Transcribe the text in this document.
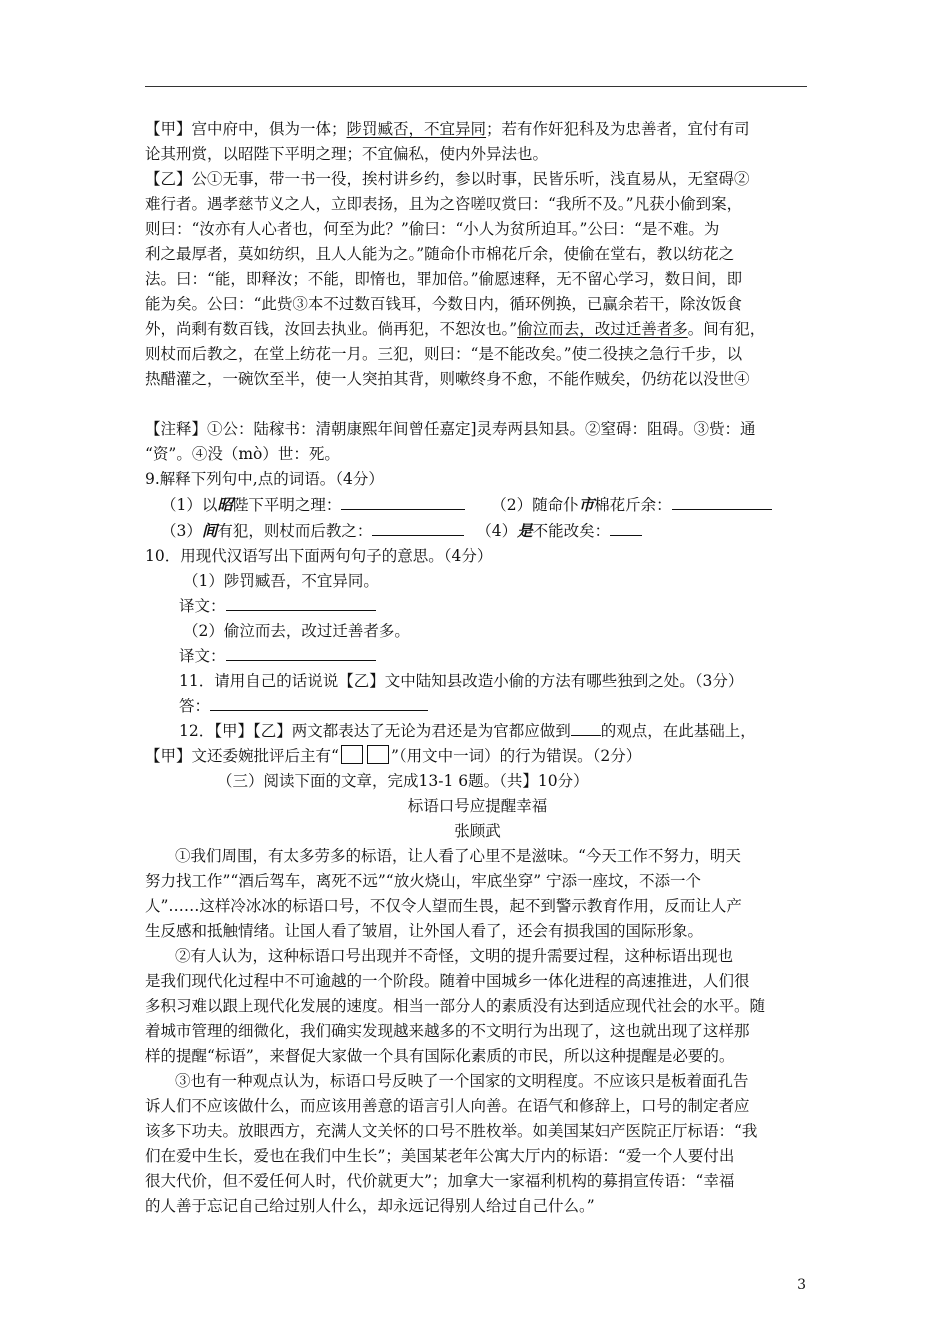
【甲】宫中府中，俱为一体；陟罚臧否，不宜异同；若有作奸犯科及为忠善者，宜付有司

论其刑赏，以昭陛下平明之理；不宜偏私，使内外异法也。

【乙】公①无事，带一书一役，挨村讲乡约，参以时事，民皆乐听，浅直易从，无窒碍②

难行者。遇孝慈节义之人，立即表扬，且为之咨嗟叹赏曰：“我所不及。”凡获小偷到案，

则曰：“汝亦有人心者也，何至为此？”偷曰：“小人为贫所迫耳。”公曰：“是不难。为

利之最厚者，莫如纺织，且人人能为之。”随命仆市棉花斤余，使偷在堂右，教以纺花之

法。曰：“能，即释汝；不能，即惰也，罪加倍。”偷愿速释，无不留心学习，数日间，即

能为矣。公曰：“此赀③本不过数百钱耳，今数日内，循环例换，已赢余若干，除汝饭食

外，尚剩有数百钱，汝回去执业。倘再犯，不恕汝也。”偷泣而去，改过迁善者多。间有犯，

则杖而后教之，在堂上纺花一月。三犯，则曰：“是不能改矣。”使二役挟之急行千步，以

热醋灌之，一碗饮至半，使一人突拍其背，则嗽终身不愈，不能作贼矣，仍纺花以没世④

【注释】①公：陆稼书：清朝康熙年间曾任嘉定]灵寿两县知县。②窒碍：阻碍。③赀：通

“资”。④没（mò）世：死。

9.解释下列句中,点的词语。（4分）

（1）以昭陛下平明之理：	（2）随命仆市棉花斤余：

（3）间有犯，则杖而后教之：	（4）是不能改矣：

10．用现代汉语写出下面两句句子的意思。（4分）

（1）陟罚臧吾，不宜异同。

译文：

（2）偷泣而去，改过迁善者多。

译文：

11．请用自己的话说说【乙】文中陆知县改造小偷的方法有哪些独到之处。（3分）

答：

12．【甲】【乙】两文都表达了无论为君还是为官都应做到 的观点，在此基础上，

【甲】文还委婉批评后主有“	”（用文中一词）的行为错误。（2分）

（三）阅读下面的文章，完成13-1 6题。（共】10分）

标语口号应提醒幸福

张顾武

①我们周围，有太多劳多的标语，让人看了心里不是滋味。“今天工作不努力，明天

努力找工作”“酒后驾车，离死不远”“放火烧山，牢底坐穿” 宁添一座坟，不添一个

人”……这样冷冰冰的标语口号，不仅令人望而生畏，起不到警示教育作用，反而让人产

生反感和抵触情绪。让国人看了皱眉，让外国人看了，还会有损我国的国际形象。

②有人认为，这种标语口号出现并不奇怪，文明的提升需要过程，这种标语出现也

是我们现代化过程中不可逾越的一个阶段。随着中国城乡一体化进程的高速推进，人们很

多积习难以跟上现代化发展的速度。相当一部分人的素质没有达到适应现代社会的水平。随

着城市管理的细微化，我们确实发现越来越多的不文明行为出现了，这也就出现了这样那

样的提醒“标语”，来督促大家做一个具有国际化素质的市民，所以这种提醒是必要的。

③也有一种观点认为，标语口号反映了一个国家的文明程度。不应该只是板着面孔告

诉人们不应该做什么，而应该用善意的语言引人向善。在语气和修辞上，口号的制定者应

该多下功夫。放眼西方，充满人文关怀的口号不胜枚举。如美国某妇产医院正厅标语：“我

们在爱中生长，爱也在我们中生长”；美国某老年公寓大厅内的标语：“爱一个人要付出

很大代价，但不爱任何人时，代价就更大”；加拿大一家福利机构的募捐宣传语：“幸福

的人善于忘记自己给过别人什么，却永远记得别人给过自己什么。”

3
